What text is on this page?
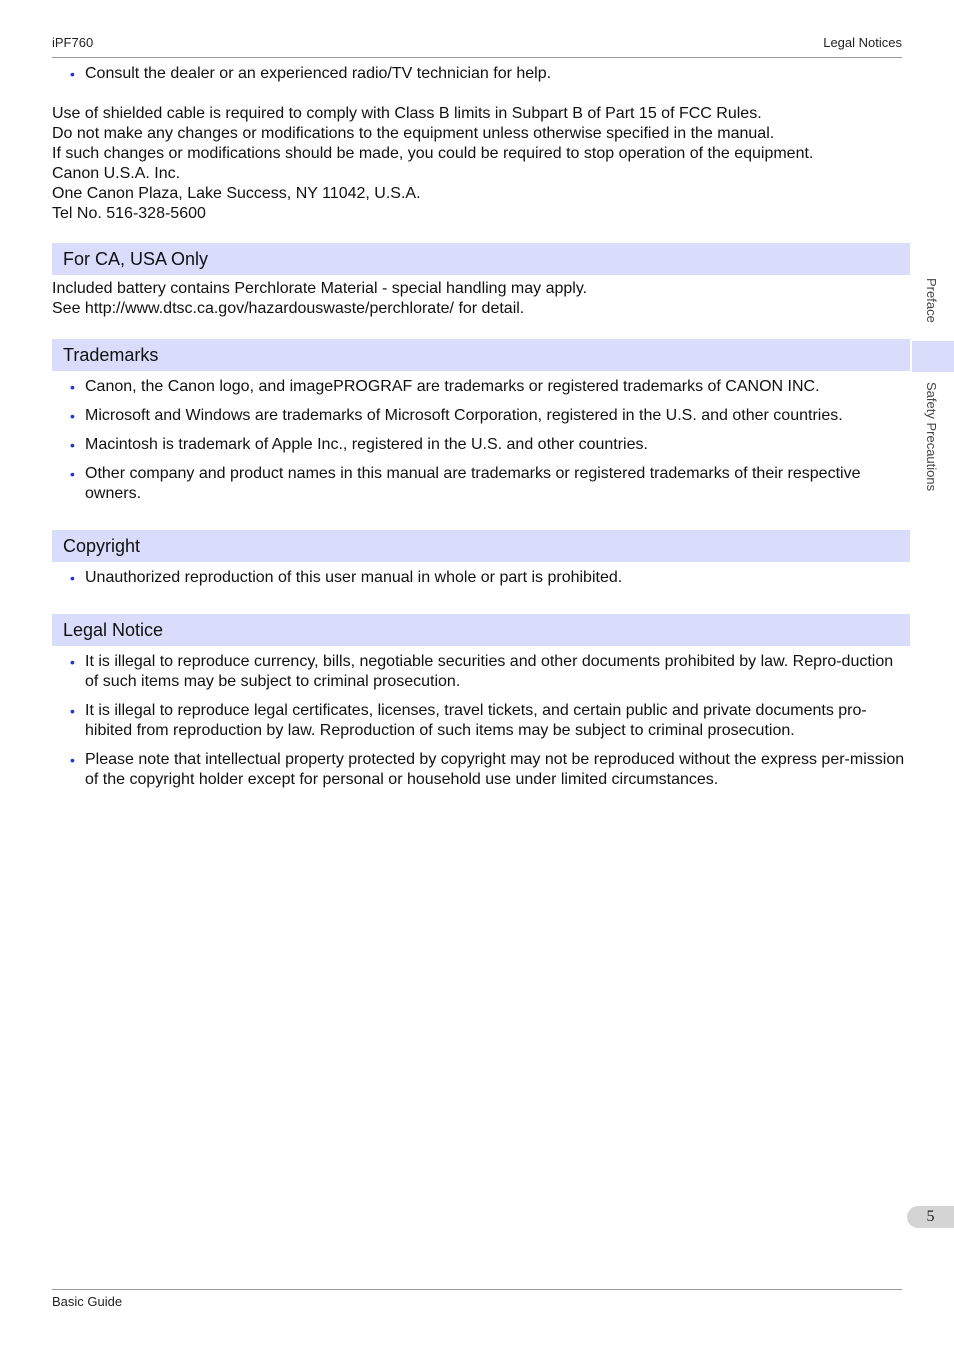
iPF760	Legal Notices
• Consult the dealer or an experienced radio/TV technician for help.

Use of shielded cable is required to comply with Class B limits in Subpart B of Part 15 of FCC Rules.

Do not make any changes or modifications to the equipment unless otherwise specified in the manual.

If such changes or modifications should be made, you could be required to stop operation of the equipment.

Canon U.S.A. Inc.

One Canon Plaza, Lake Success, NY 11042, U.S.A.

Tel No. 516-328-5600

For CA, USA Only

Included battery contains Perchlorate Material - special handling may apply.

See http://www.dtsc.ca.gov/hazardouswaste/perchlorate/ for detail.

Trademarks
• Canon, the Canon logo, and imagePROGRAF are trademarks or registered trademarks of CANON INC.
• Microsoft and Windows are trademarks of Microsoft Corporation, registered in the U.S. and other countries.
• Macintosh is trademark of Apple Inc., registered in the U.S. and other countries.
• Other company and product names in this manual are trademarks or registered trademarks of their respective owners.
Copyright
• Unauthorized reproduction of this user manual in whole or part is prohibited.
Legal Notice
• It is illegal to reproduce currency, bills, negotiable securities and other documents prohibited by law. Repro-duction of such items may be subject to criminal prosecution.
• It is illegal to reproduce legal certificates, licenses, travel tickets, and certain public and private documents pro-hibited from reproduction by law. Reproduction of such items may be subject to criminal prosecution.
• Please note that intellectual property protected by copyright may not be reproduced without the express per-mission of the copyright holder except for personal or household use under limited circumstances.
Preface
Safety Precautions
5
Basic Guide
